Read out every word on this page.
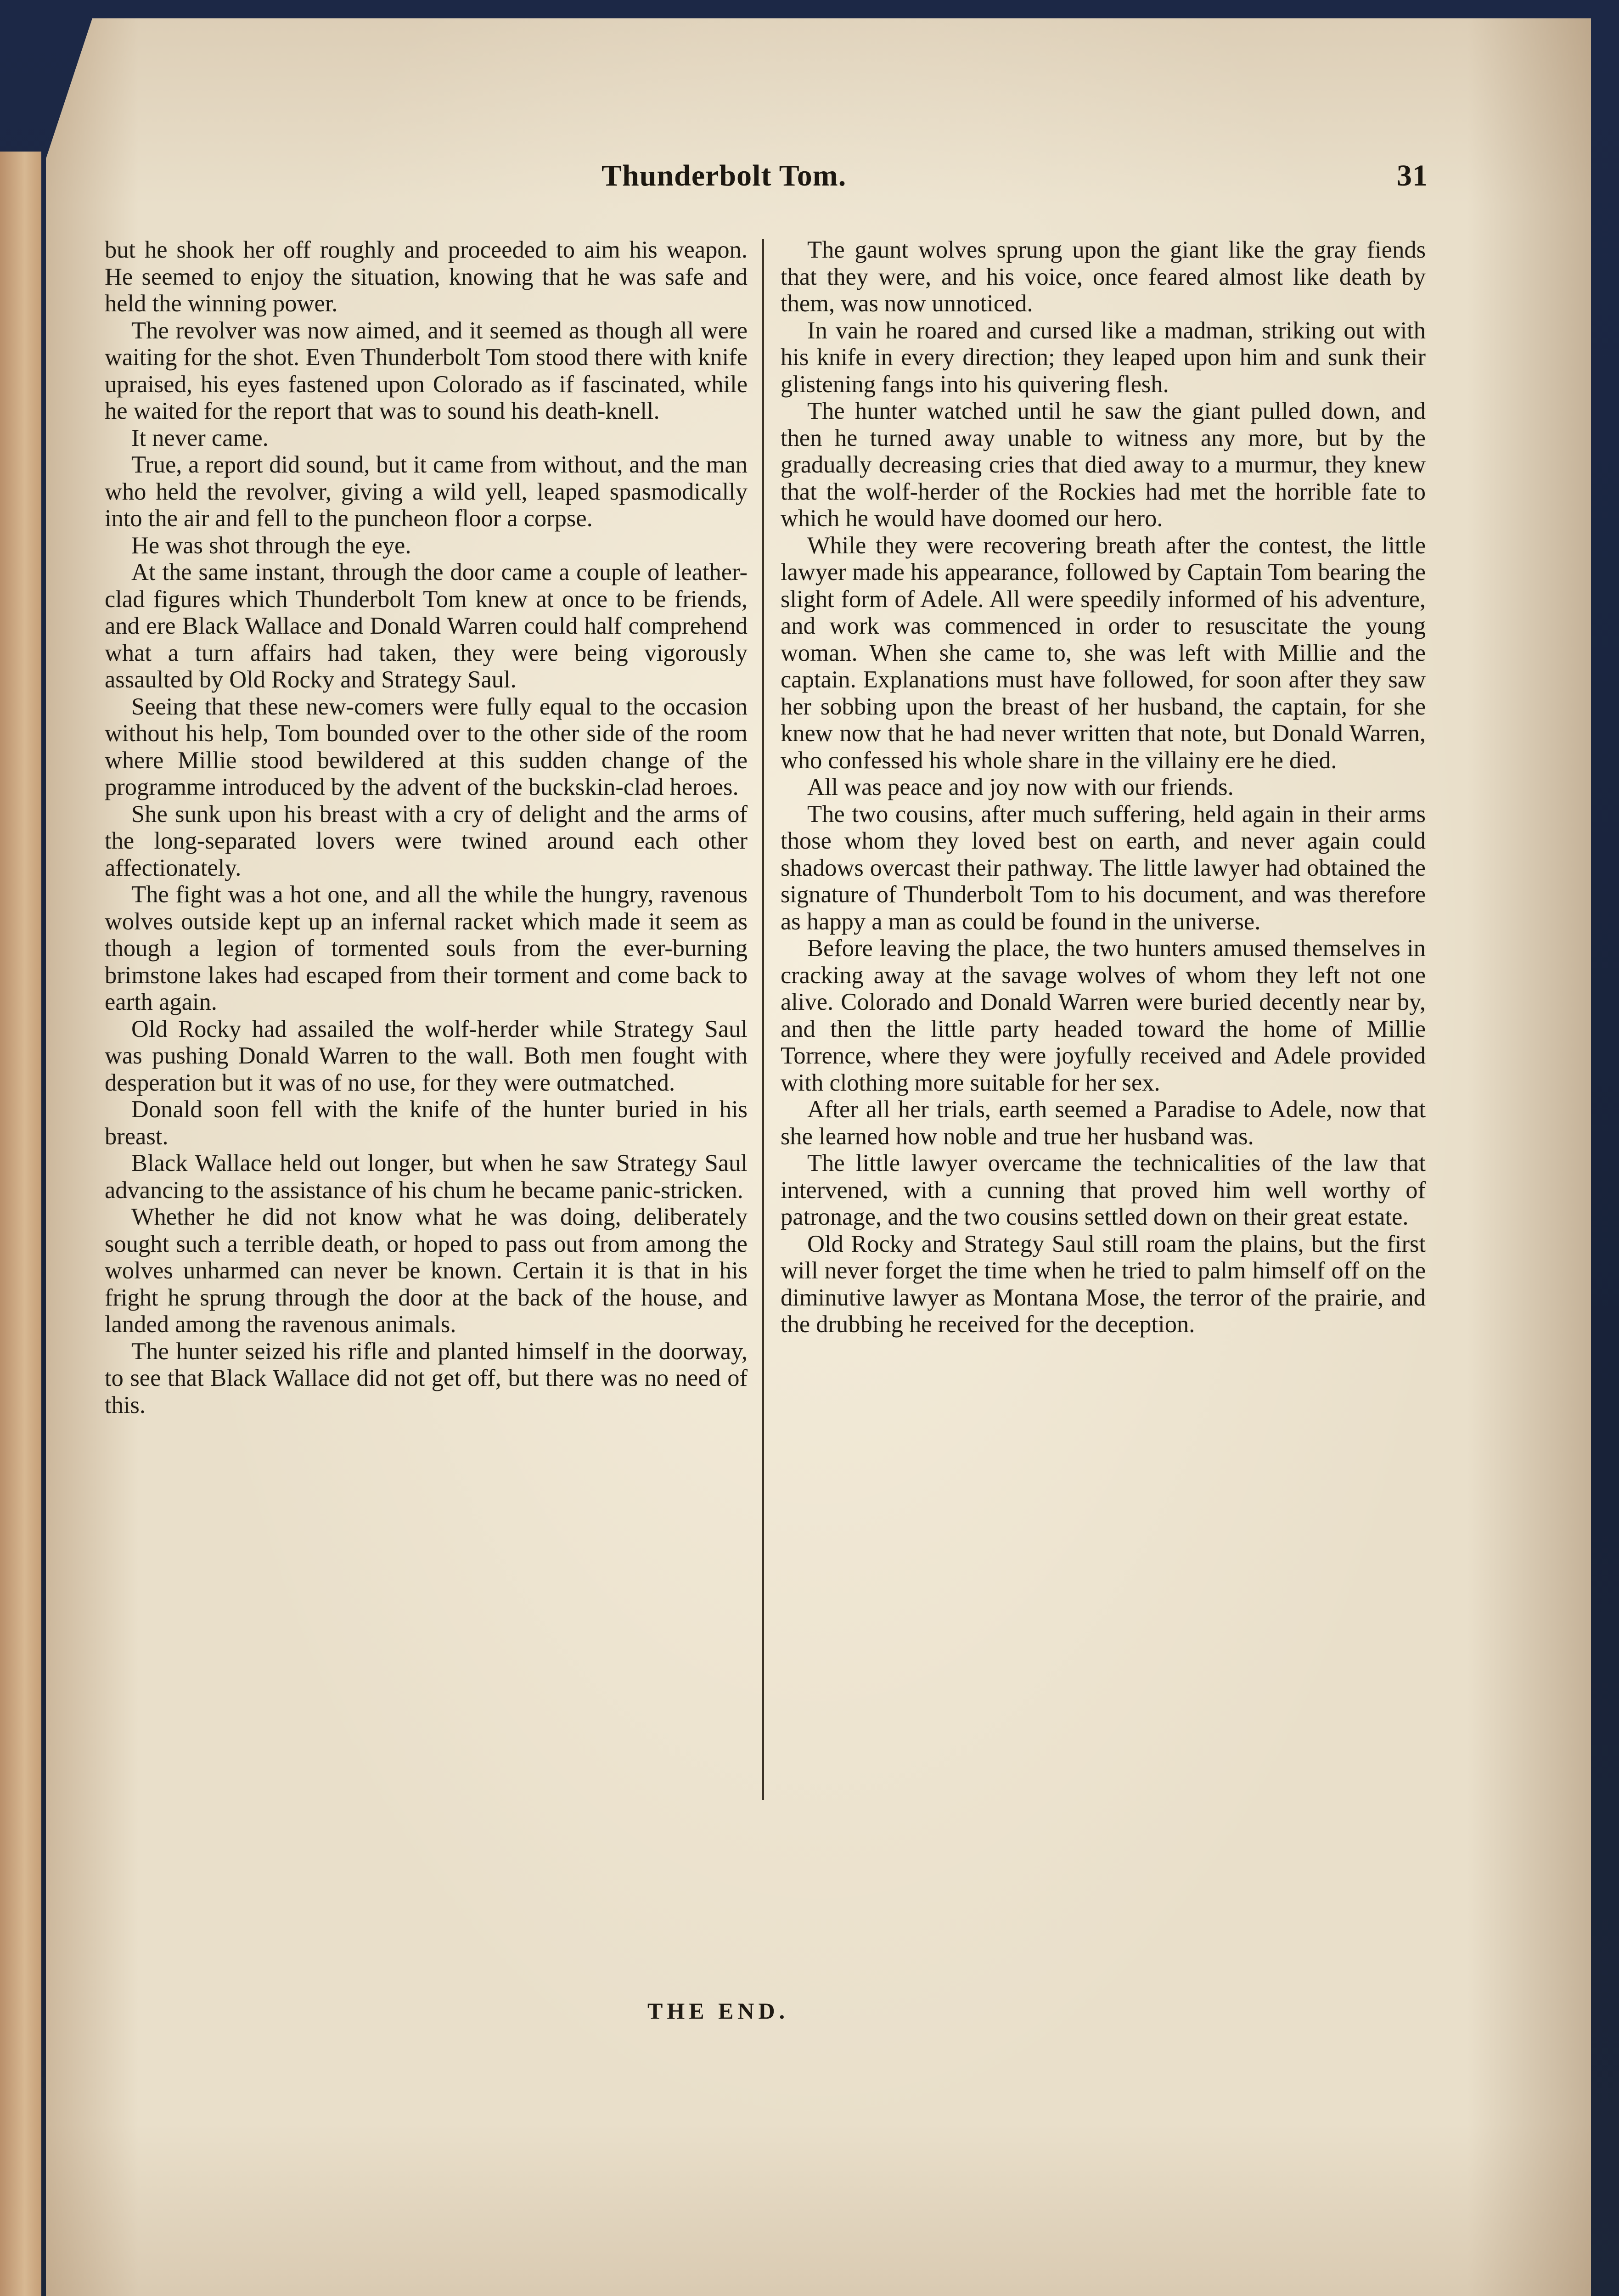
Thunderbolt Tom.	31

but he shook her off roughly and proceeded to aim his weapon. He seemed to enjoy the situation, knowing that he was safe and held the winning power.

The revolver was now aimed, and it seemed as though all were waiting for the shot. Even Thunderbolt Tom stood there with knife upraised, his eyes fastened upon Colorado as if fascinated, while he waited for the report that was to sound his death-knell.

It never came.

True, a report did sound, but it came from without, and the man who held the revolver, giving a wild yell, leaped spasmodically into the air and fell to the puncheon floor a corpse.

He was shot through the eye.

At the same instant, through the door came a couple of leather-clad figures which Thunderbolt Tom knew at once to be friends, and ere Black Wallace and Donald Warren could half comprehend what a turn affairs had taken, they were being vigorously assaulted by Old Rocky and Strategy Saul.

Seeing that these new-comers were fully equal to the occasion without his help, Tom bounded over to the other side of the room where Millie stood bewildered at this sudden change of the programme introduced by the advent of the buckskin-clad heroes.

She sunk upon his breast with a cry of delight and the arms of the long-separated lovers were twined around each other affectionately.

The fight was a hot one, and all the while the hungry, ravenous wolves outside kept up an infernal racket which made it seem as though a legion of tormented souls from the ever-burning brimstone lakes had escaped from their torment and come back to earth again.

Old Rocky had assailed the wolf-herder while Strategy Saul was pushing Donald Warren to the wall. Both men fought with desperation but it was of no use, for they were outmatched.

Donald soon fell with the knife of the hunter buried in his breast.

Black Wallace held out longer, but when he saw Strategy Saul advancing to the assistance of his chum he became panic-stricken.

Whether he did not know what he was doing, deliberately sought such a terrible death, or hoped to pass out from among the wolves unharmed can never be known. Certain it is that in his fright he sprung through the door at the back of the house, and landed among the ravenous animals.

The hunter seized his rifle and planted himself in the doorway, to see that Black Wallace did not get off, but there was no need of this.

The gaunt wolves sprung upon the giant like the gray fiends that they were, and his voice, once feared almost like death by them, was now unnoticed.

In vain he roared and cursed like a madman, striking out with his knife in every direction; they leaped upon him and sunk their glistening fangs into his quivering flesh.

The hunter watched until he saw the giant pulled down, and then he turned away unable to witness any more, but by the gradually decreasing cries that died away to a murmur, they knew that the wolf-herder of the Rockies had met the horrible fate to which he would have doomed our hero.

While they were recovering breath after the contest, the little lawyer made his appearance, followed by Captain Tom bearing the slight form of Adele. All were speedily informed of his adventure, and work was commenced in order to resuscitate the young woman. When she came to, she was left with Millie and the captain. Explanations must have followed, for soon after they saw her sobbing upon the breast of her husband, the captain, for she knew now that he had never written that note, but Donald Warren, who confessed his whole share in the villainy ere he died.

All was peace and joy now with our friends.

The two cousins, after much suffering, held again in their arms those whom they loved best on earth, and never again could shadows overcast their pathway. The little lawyer had obtained the signature of Thunderbolt Tom to his document, and was therefore as happy a man as could be found in the universe.

Before leaving the place, the two hunters amused themselves in cracking away at the savage wolves of whom they left not one alive. Colorado and Donald Warren were buried decently near by, and then the little party headed toward the home of Millie Torrence, where they were joyfully received and Adele provided with clothing more suitable for her sex.

After all her trials, earth seemed a Paradise to Adele, now that she learned how noble and true her husband was.

The little lawyer overcame the technicalities of the law that intervened, with a cunning that proved him well worthy of patronage, and the two cousins settled down on their great estate.

Old Rocky and Strategy Saul still roam the plains, but the first will never forget the time when he tried to palm himself off on the diminutive lawyer as Montana Mose, the terror of the prairie, and the drubbing he received for the deception.

THE END.
